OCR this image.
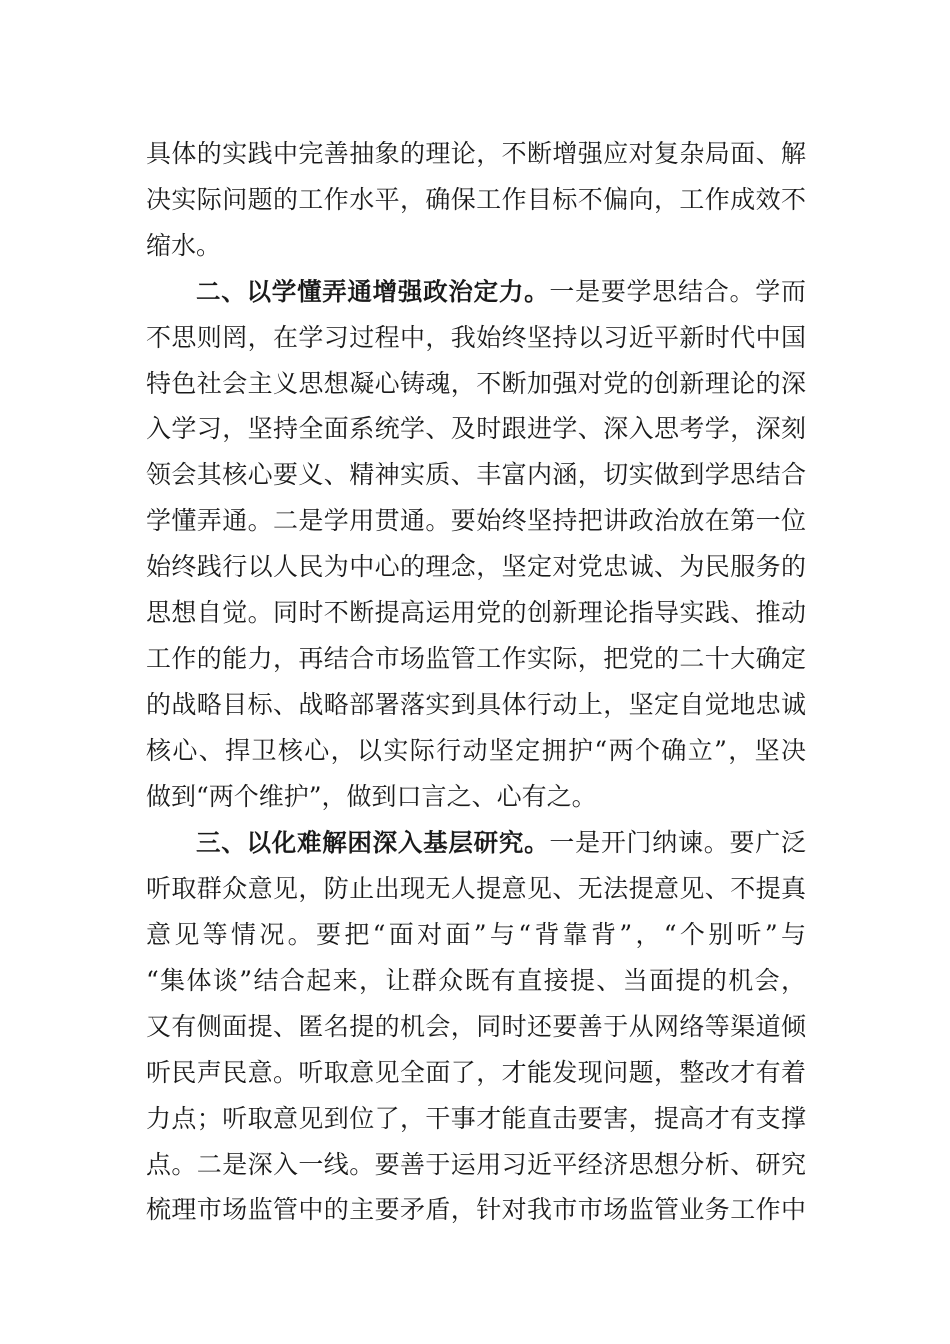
具体的实践中完善抽象的理论，不断增强应对复杂局面、解
决实际问题的工作水平，确保工作目标不偏向，工作成效不
缩水。
二、以学懂弄通增强政治定力。一是要学思结合。学而
不思则罔，在学习过程中，我始终坚持以习近平新时代中国
特色社会主义思想凝心铸魂，不断加强对党的创新理论的深
入学习，坚持全面系统学、及时跟进学、深入思考学，深刻
领会其核心要义、精神实质、丰富内涵，切实做到学思结合
学懂弄通。二是学用贯通。要始终坚持把讲政治放在第一位
始终践行以人民为中心的理念，坚定对党忠诚、为民服务的
思想自觉。同时不断提高运用党的创新理论指导实践、推动
工作的能力，再结合市场监管工作实际，把党的二十大确定
的战略目标、战略部署落实到具体行动上，坚定自觉地忠诚
核心、捍卫核心，以实际行动坚定拥护“两个确立”，坚决
做到“两个维护”，做到口言之、心有之。
三、以化难解困深入基层研究。一是开门纳谏。要广泛
听取群众意见，防止出现无人提意见、无法提意见、不提真
意见等情况。要把“面对面”与“背靠背”，“个别听”与
“集体谈”结合起来，让群众既有直接提、当面提的机会，
又有侧面提、匿名提的机会，同时还要善于从网络等渠道倾
听民声民意。听取意见全面了，才能发现问题，整改才有着
力点；听取意见到位了，干事才能直击要害，提高才有支撑
点。二是深入一线。要善于运用习近平经济思想分析、研究
梳理市场监管中的主要矛盾，针对我市市场监管业务工作中
